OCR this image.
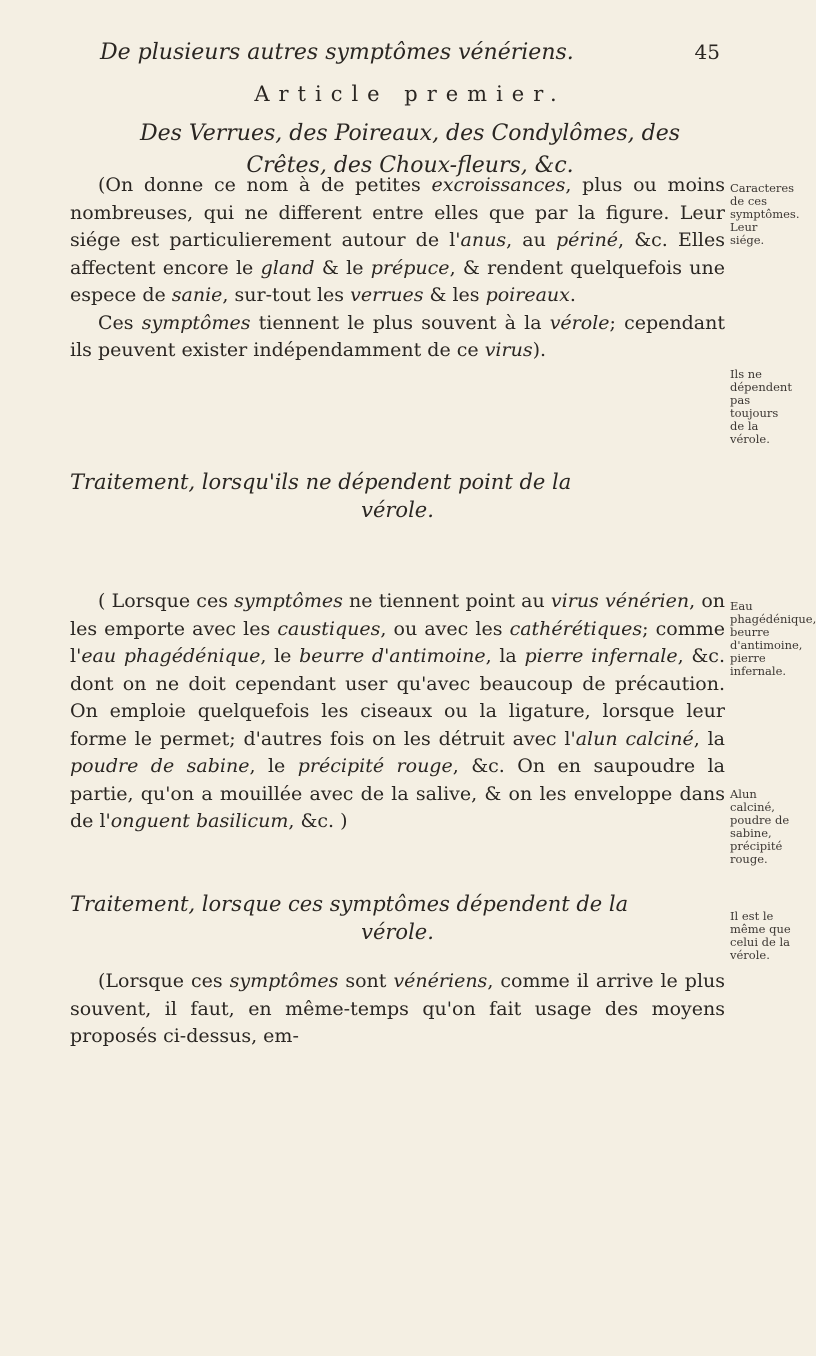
De plusieurs autres symptômes vénériens.	45
Article premier.
Des Verrues, des Poireaux, des Condylômes, des Crêtes, des Choux-fleurs, &c.

(On donne ce nom à de petites excroissances, plus ou moins nombreuses, qui ne different entre elles que par la figure. Leur siége est particulierement autour de l'anus, au périné, &c. Elles affectent encore le gland & le prépuce, & rendent quelquefois une espece de sanie, sur-tout les verrues & les poireaux.

Ces symptômes tiennent le plus souvent à la vérole; cependant ils peuvent exister indépendamment de ce virus).

Traitement, lorsqu'ils ne dépendent point de la
vérole.

( Lorsque ces symptômes ne tiennent point au virus vénérien, on les emporte avec les caustiques, ou avec les cathérétiques; comme l'eau phagédénique, le beurre d'antimoine, la pierre infernale, &c. dont on ne doit cependant user qu'avec beaucoup de précaution. On emploie quelquefois les ciseaux ou la ligature, lorsque leur forme le permet; d'autres fois on les détruit avec l'alun calciné, la poudre de sabine, le précipité rouge, &c. On en saupoudre la partie, qu'on a mouillée avec de la salive, & on les enveloppe dans de l'onguent basilicum, &c. )

Traitement, lorsque ces symptômes dépendent de la
vérole.

(Lorsque ces symptômes sont vénériens, comme il arrive le plus souvent, il faut, en même-temps qu'on fait usage des moyens proposés ci-dessus, em-

Caracteres de ces symptômes. Leur siége.
Ils ne dépendent pas toujours de la vérole.
Eau phagédénique, beurre d'antimoine, pierre infernale.
Alun calciné, poudre de sabine, précipité rouge.
Il est le même que celui de la vérole.
